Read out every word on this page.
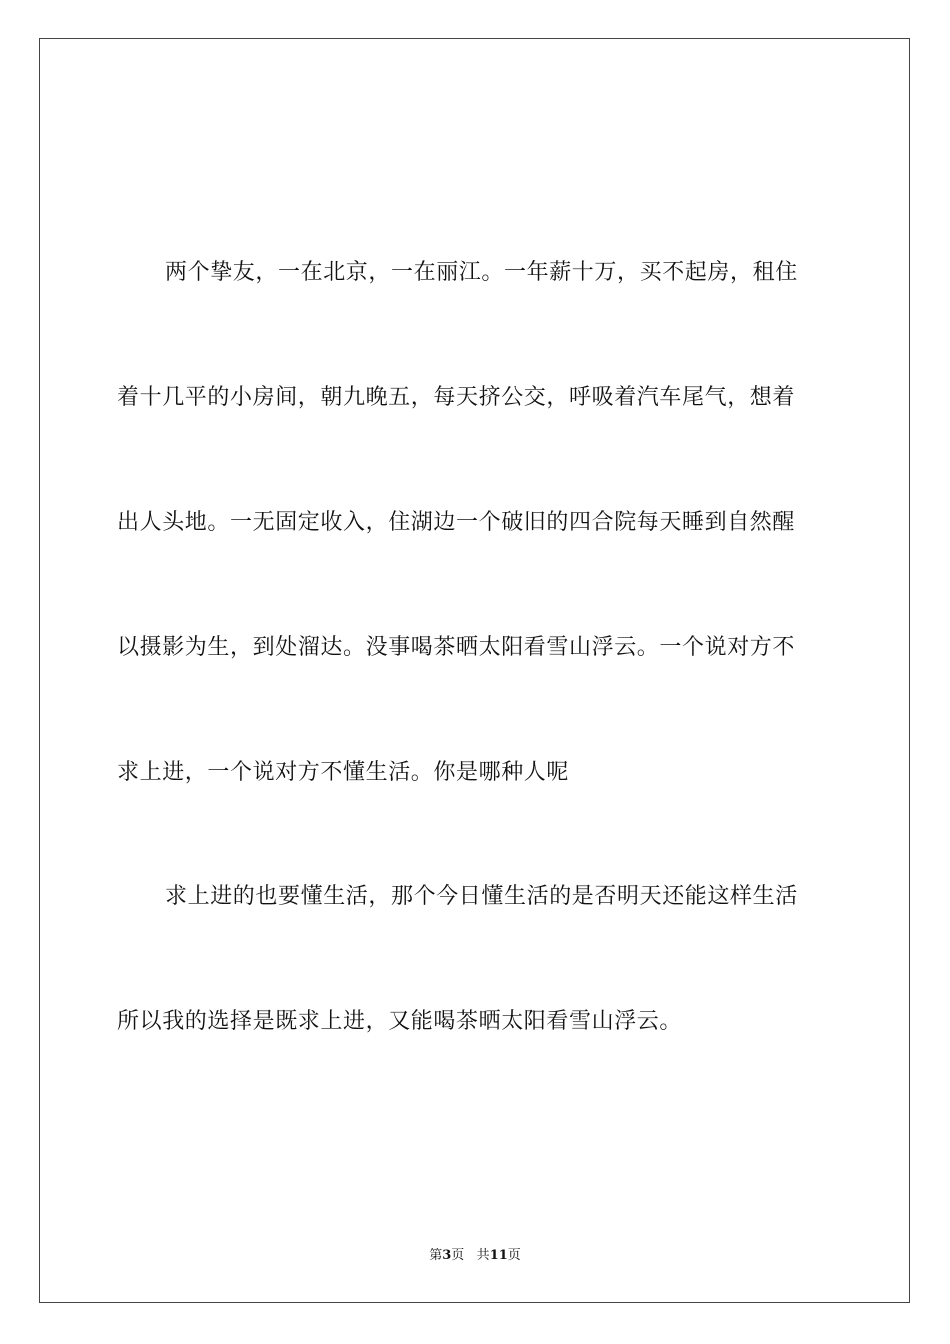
两个挚友，一在北京，一在丽江。一年薪十万，买不起房，租住
着十几平的小房间，朝九晚五，每天挤公交，呼吸着汽车尾气，想着
出人头地。一无固定收入，住湖边一个破旧的四合院每天睡到自然醒
以摄影为生，到处溜达。没事喝茶晒太阳看雪山浮云。一个说对方不
求上进，一个说对方不懂生活。你是哪种人呢
求上进的也要懂生活，那个今日懂生活的是否明天还能这样生活
所以我的选择是既求上进，又能喝茶晒太阳看雪山浮云。
第3页 共11页
